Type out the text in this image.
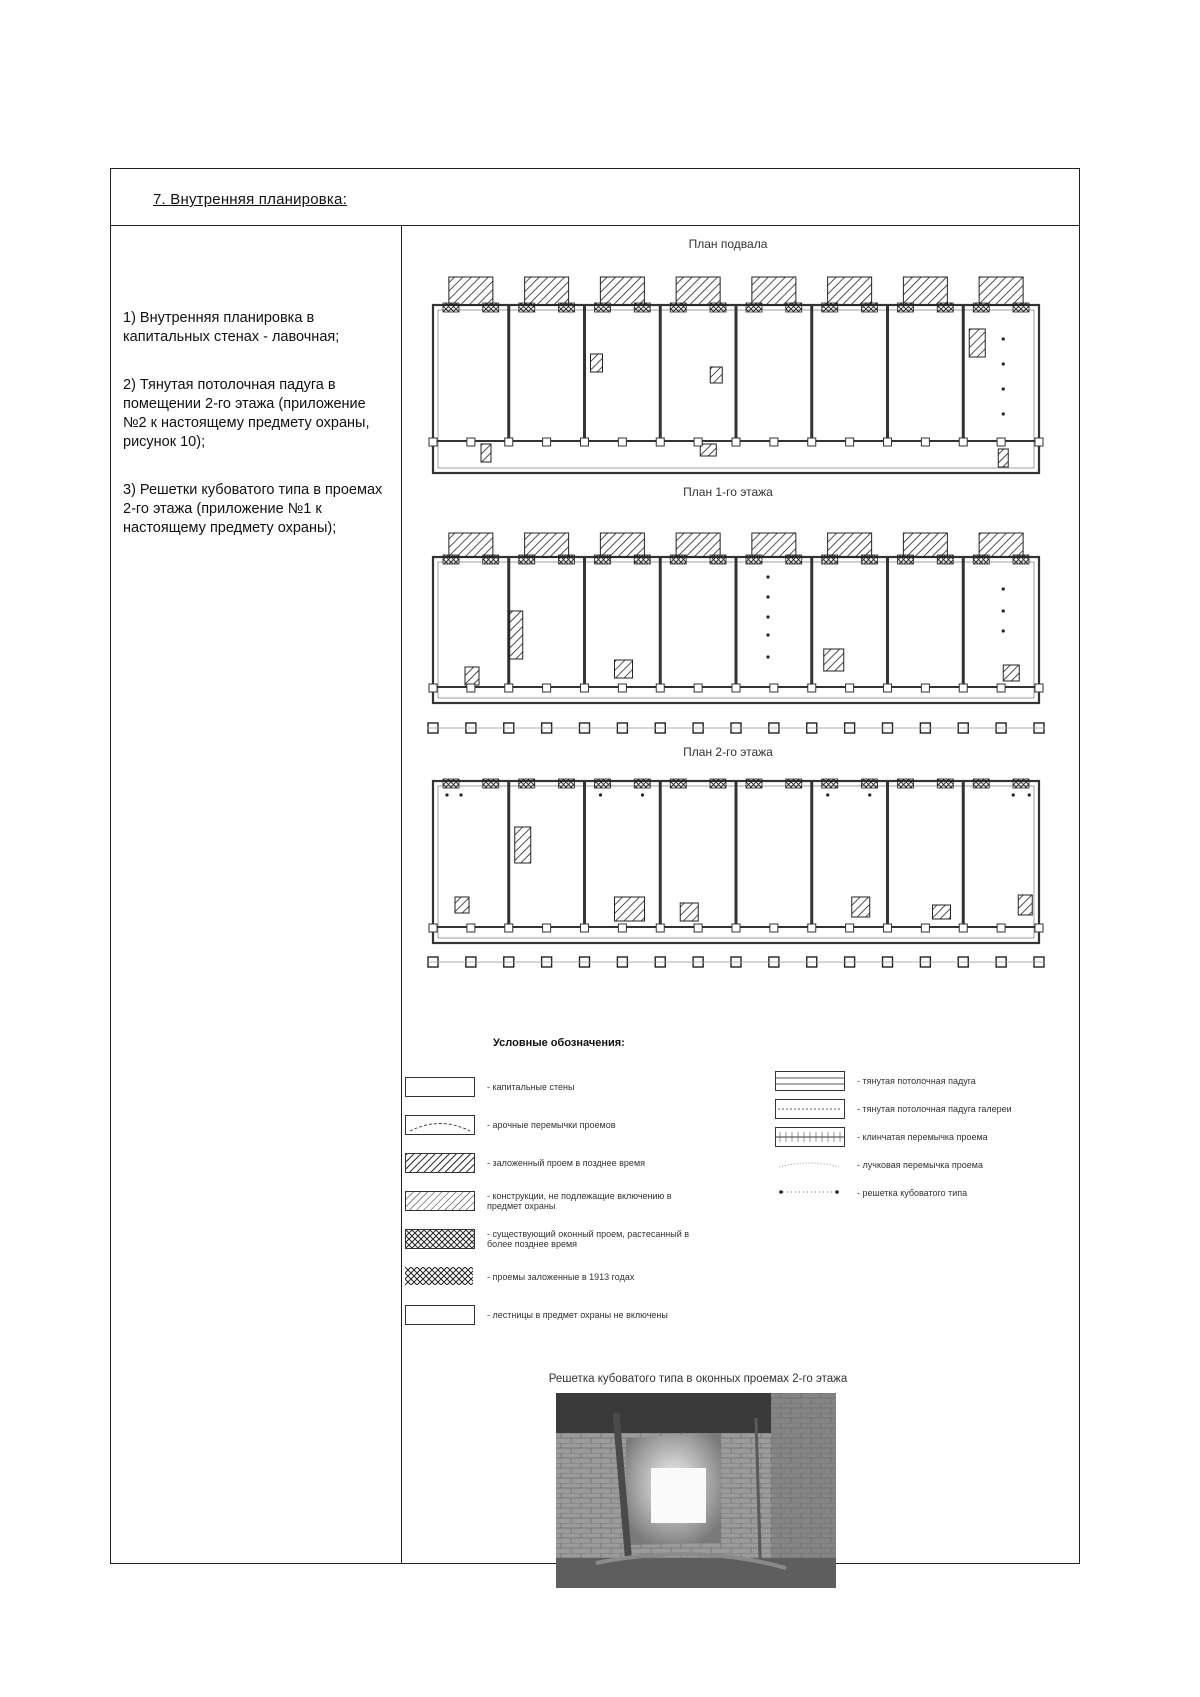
7. Внутренняя планировка:
1) Внутренняя планировка в капитальных стенах - лавочная;
2) Тянутая потолочная падуга в помещении 2-го этажа (приложение №2 к настоящему предмету охраны, рисунок 10);
3) Решетки кубоватого типа в проемах 2-го этажа (приложение №1 к настоящему предмету охраны);
План подвала
План 1-го этажа
План 2-го этажа
Условные обозначения:
- капитальные стены
- арочные перемычки проемов
- заложенный проем в позднее время
- конструкции, не подлежащие включению в предмет охраны
- существующий оконный проем, растесанный в более позднее время
- проемы заложенные в 1913 годах
- лестницы в предмет охраны не включены
- тянутая потолочная падуга
- тянутая потолочная падуга галереи
- клинчатая перемычка проема
- лучковая перемычка проема
- решетка кубоватого типа
Решетка кубоватого типа в оконных проемах 2-го этажа
